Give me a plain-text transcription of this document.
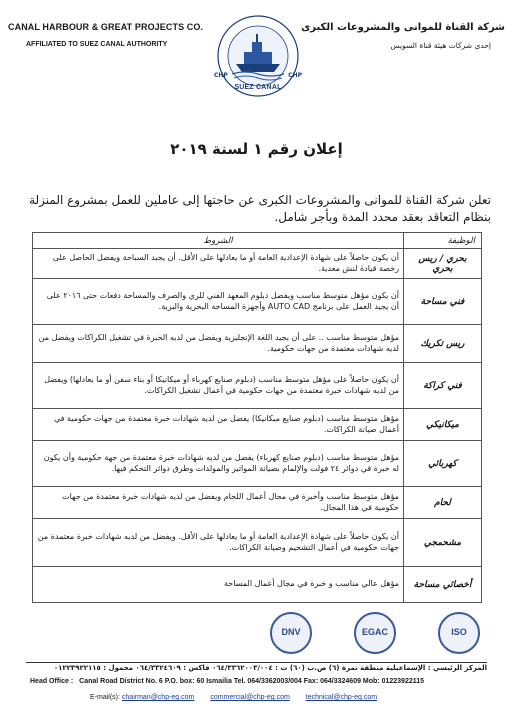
CANAL HARBOUR & GREAT PROJECTS CO.
AFFILIATED TO SUEZ CANAL AUTHORITY
شركة القناة للموانى والمشروعات الكبرى
إحدى شركات هيئة قناة السويس
CHP	CHP
SUEZ CANAL
إعلان رقم ١ لسنة ٢٠١٩
تعلن شركة القناة للموانى والمشروعات الكبرى عن حاجتها إلى عاملين للعمل بمشروع المنزلة بنظام التعاقد بعقد محدد المدة وبأجر شامل.
الوظيفة	الشروط
بحري / ريس بحري	أن يكون حاصلاً على شهادة الإعدادية العامة أو ما يعادلها على الأقل. أن يجيد السباحة ويفضل الحاصل على رخصة قيادة لنش معدية.
فني مساحة	أن يكون مؤهل متوسط مناسب ويفضل دبلوم المعهد الفني للري والصرف والمساحة دفعات حتى ٢٠١٦ على أن يجيد العمل على برنامج AUTO CAD وأجهزة المساحة البحرية والبرية.
ريس تكريك	مؤهل متوسط مناسب .. على أن يجيد اللغة الإنجليزية ويفضل من لديه الخبرة في تشغيل الكراكات ويفضل من لديه شهادات معتمدة من جهات حكومية.
فني كراكة	أن يكون حاصلاً على مؤهل متوسط مناسب (دبلوم صنايع كهرباء أو ميكانيكا أو بناء سفن أو ما يعادلها) ويفضل من لديه شهادات خبرة معتمدة من جهات حكومية في أعمال تشغيل الكراكات.
ميكانيكي	مؤهل متوسط مناسب (دبلوم صنايع ميكانيكا) يفضل من لديه شهادات خبرة معتمدة من جهات حكومية في أعمال صيانة الكراكات.
كهربائي	مؤهل متوسط مناسب (دبلوم صنايع كهرباء) يفضل من لديه شهادات خبرة معتمدة من جهة حكومية وأن يكون له خبرة في دوائر ٢٤ فولت والإلمام بصيانة المواتير والمولدات وطرق دوائر التحكم فيها.
لحام	مؤهل متوسط مناسب وأخبرة في مجال أعمال اللحام ويفضل من لديه شهادات خبرة معتمدة من جهات حكومية في هذا المجال.
مشحمجي	أن يكون حاصلاً على شهادة الإعدادية العامة أو ما يعادلها على الأقل. ويفضل من لديه شهادات خبرة معتمدة من جهات حكومية في أعمال التشحيم وصيانة الكراكات.
أخصائي مساحة	مؤهل عالي مناسب و خبرة في مجال أعمال المساحة
DNV	EGAC	ISO
المركز الرئيسي : الإسماعيلية منطقة نمرة (٦) ص.ب (٦٠) ت : ٠٦٤/٣٣٦٢٠٠٣/٠٠٤ فاكس : ٠٦٤/٣٣٢٤٦٠٩ محمول : ٠١٢٢٣٩٢٢١١٥
Head Office : Canal Road District No. 6 P.O. box: 60 Ismailia Tel. 064/3362003/004 Fax: 064/3324609 Mob: 01223922115
E-mail(s): chairman@chp-eg.com commercial@chp-eg.com technical@chp-eg.com
